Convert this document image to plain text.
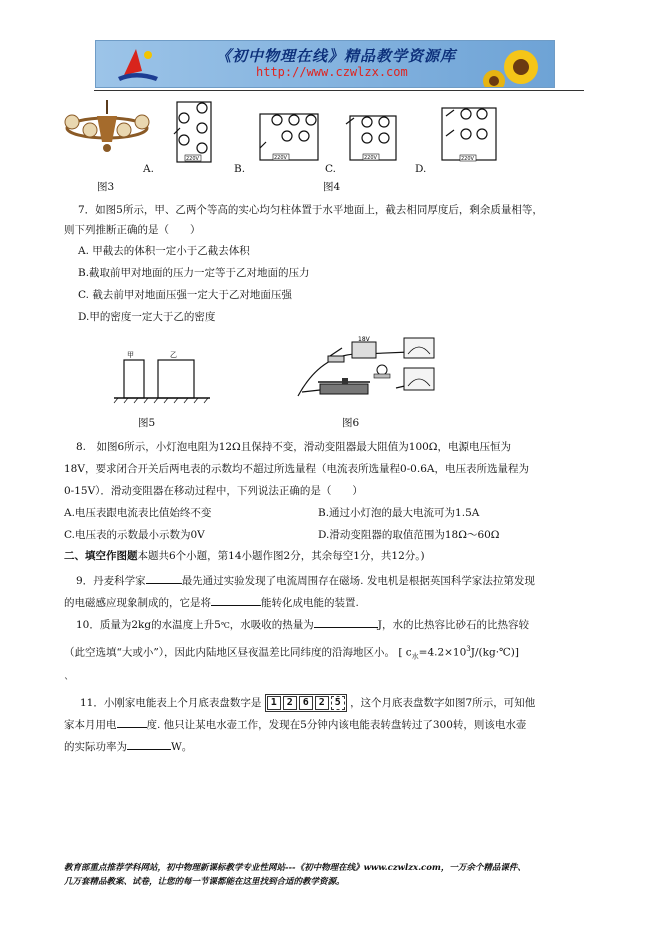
《初中物理在线》精品教学资源库
http://www.czwlzx.com
220V	220V	220V	220V
A.	B.	C.	D.
图3	图4
7．如图5所示，甲、乙两个等高的实心均匀柱体置于水平地面上，截去相同厚度后，剩余质量相等，
则下列推断正确的是（　　）
A. 甲截去的体积一定小于乙截去体积
B.截取前甲对地面的压力一定等于乙对地面的压力
C. 截去前甲对地面压强一定大于乙对地面压强
D.甲的密度一定大于乙的密度
甲	乙
图5
18V
图6
8.　如图6所示，小灯泡电阻为12Ω且保持不变，滑动变阻器最大阻值为100Ω，电源电压恒为
18V，要求闭合开关后两电表的示数均不超过所选量程（电流表所选量程0-0.6A，电压表所选量程为
0-15V）．滑动变阻器在移动过程中，下列说法正确的是（　　）
A.电压表跟电流表比值始终不变	B.通过小灯泡的最大电流可为1.5A
C.电压表的示数最小示数为0V	D.滑动变阻器的取值范围为18Ω～60Ω
二、填空作图题本题共6个小题，第14小题作图2分，其余每空1分，共12分。)
9．丹麦科学家	最先通过实验发现了电流周围存在磁场. 发电机是根据英国科学家法拉第发现
的电磁感应现象制成的，它是将	能转化成电能的装置.
10．质量为2kg的水温度上升5℃，水吸收的热量为	J，水的比热容比砂石的比热容较
（此空选填“大或小”），因此内陆地区昼夜温差比同纬度的沿海地区小。 [ $c_水=4.2\times 10^3J/(kg\cdot℃)$]
`
11．小刚家电能表上个月底表盘数字是 1 2 6 2 5 ，这个月底表盘数字如图7所示，可知他
家本月用电	度. 他只让某电水壶工作，发现在5分钟内该电能表转盘转过了300转，则该电水壶
的实际功率为	W。
教育部重点推荐学科网站，初中物理新课标教学专业性网站---《初中物理在线》www.czwlzx.com，一万余个精品课件、
几万套精品教案、试卷，让您的每一节课都能在这里找到合适的教学资源。
